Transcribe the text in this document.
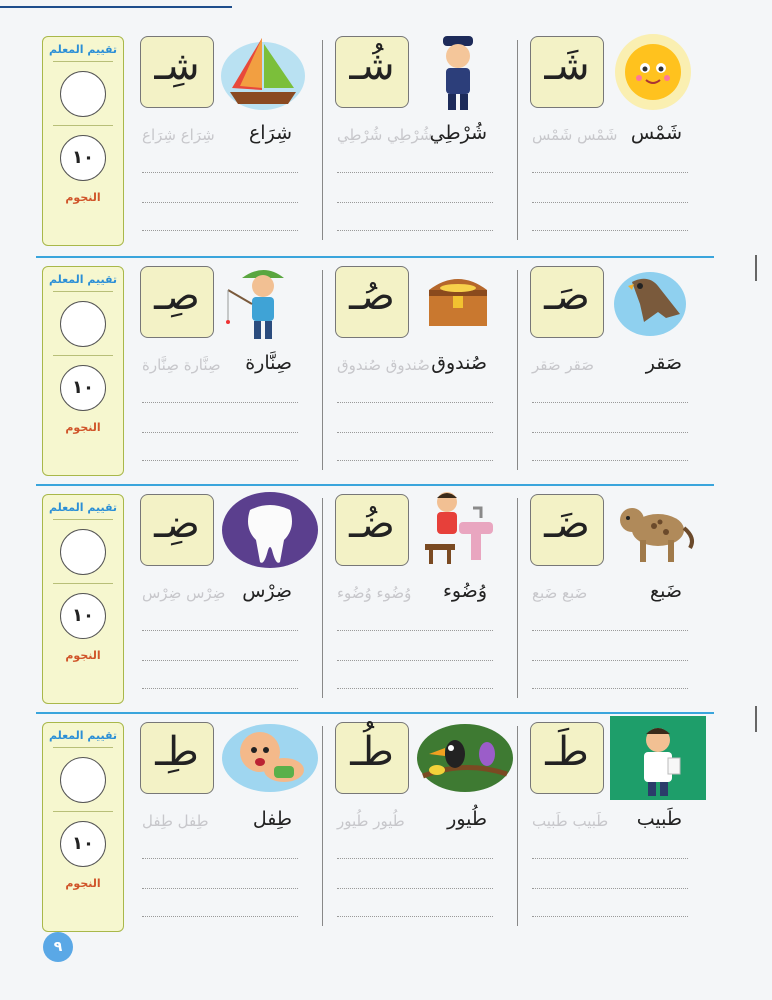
تقييم المعلم
١٠
النجوم
شَـ
شَمْس
شَمْس شَمْس
شُـ
شُرْطِي
شُرْطِي شُرْطِي
شِـ
شِرَاع
شِرَاع شِرَاع
تقييم المعلم
١٠
النجوم
صَـ
صَقر
صَقر صَقر
صُـ
صُندوق
صُندوق صُندوق
صِـ
صِنَّارة
صِنَّارة صِنَّارة
تقييم المعلم
١٠
النجوم
ضَـ
ضَبع
ضَبع ضَبع
ضُـ
وُضُوء
وُضُوء وُضُوء
ضِـ
ضِرْس
ضِرْس ضِرْس
تقييم المعلم
١٠
النجوم
طَـ
طَبيب
طَبيب طَبيب
طُـ
طُيور
طُيور طُيور
طِـ
طِفل
طِفل طِفل
٩
